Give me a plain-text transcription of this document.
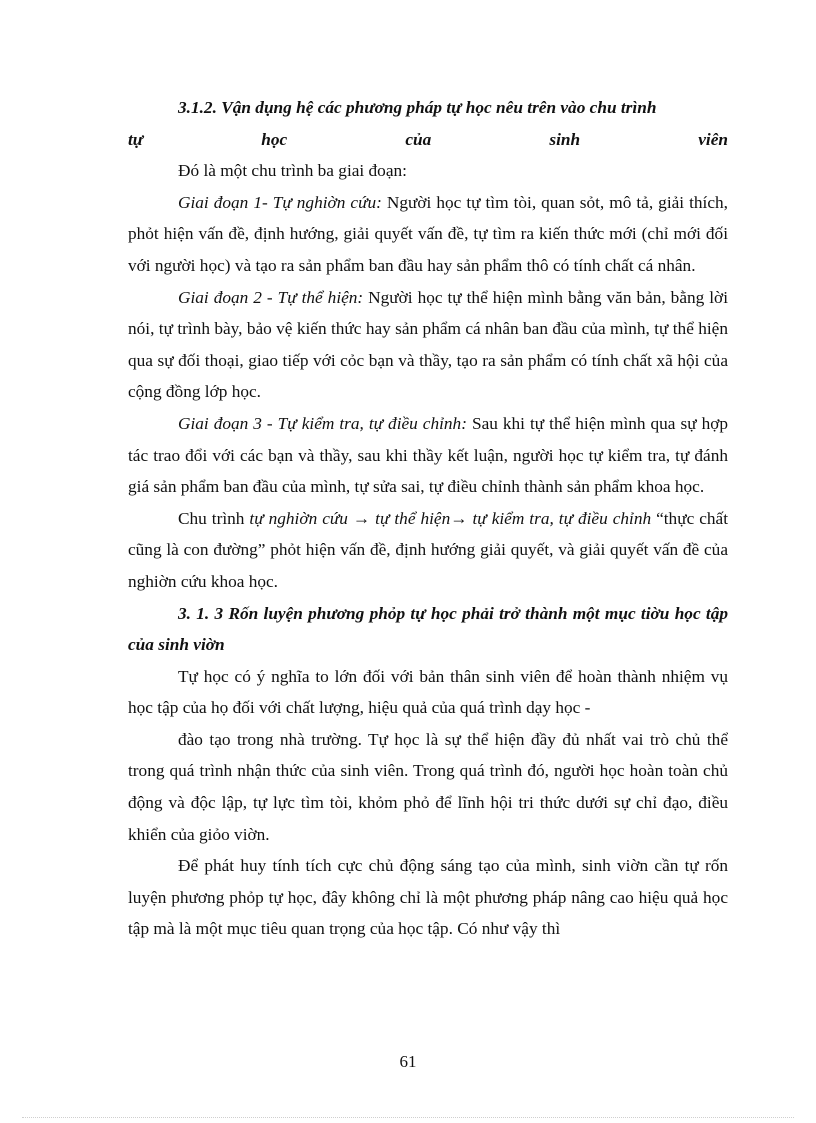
3.1.2. Vận dụng hệ các phương pháp tự học nêu trên vào chu trình

tự học của sinh viên

Đó là một chu trình ba giai đoạn:

Giai đoạn 1- Tự nghiờn cứu: Người học tự tìm tòi, quan sỏt, mô tả, giải thích, phỏt hiện vấn đề, định hướng, giải quyết vấn đề, tự tìm ra kiến thức mới (chỉ mới đối với người học) và tạo ra sản phẩm ban đầu hay sản phẩm thô có tính chất cá nhân.

Giai đoạn 2 - Tự thể hiện: Người học tự thể hiện mình bằng văn bản, bằng lời nói, tự trình bày, bảo vệ kiến thức hay sản phẩm cá nhân ban đầu của mình, tự thể hiện qua sự đối thoại, giao tiếp với cỏc bạn và thầy, tạo ra sản phẩm có tính chất xã hội của cộng đồng lớp học.

Giai đoạn 3 - Tự kiểm tra, tự điều chỉnh: Sau khi tự thể hiện mình qua sự hợp tác trao đổi với các bạn và thầy, sau khi thầy kết luận, người học tự kiểm tra, tự đánh giá sản phẩm ban đầu của mình, tự sửa sai, tự điều chỉnh thành sản phẩm khoa học.

Chu trình tự nghiờn cứu → tự thể hiện→ tự kiểm tra, tự điều chỉnh “thực chất cũng là con đường” phỏt hiện vấn đề, định hướng giải quyết, và giải quyết vấn đề của nghiờn cứu khoa học.

3. 1. 3 Rốn luyện phương phỏp tự học phải trở thành một mục tiờu học tập của sinh viờn

Tự học có ý nghĩa to lớn đối với bản thân sinh viên để hoàn thành nhiệm vụ học tập của họ đối với chất lượng, hiệu quả của quá trình dạy học -

đào tạo trong nhà trường. Tự học là sự thể hiện đầy đủ nhất vai trò chủ thể trong quá trình nhận thức của sinh viên. Trong quá trình đó, người học hoàn toàn chủ động và độc lập, tự lực tìm tòi, khỏm phỏ để lĩnh hội tri thức dưới sự chỉ đạo, điều khiển của giỏo viờn.

Để phát huy tính tích cực chủ động sáng tạo của mình, sinh viờn cần tự rốn luyện phương phỏp tự học, đây không chỉ là một phương pháp nâng cao hiệu quả học tập mà là một mục tiêu quan trọng của học tập. Có như vậy thì

61
